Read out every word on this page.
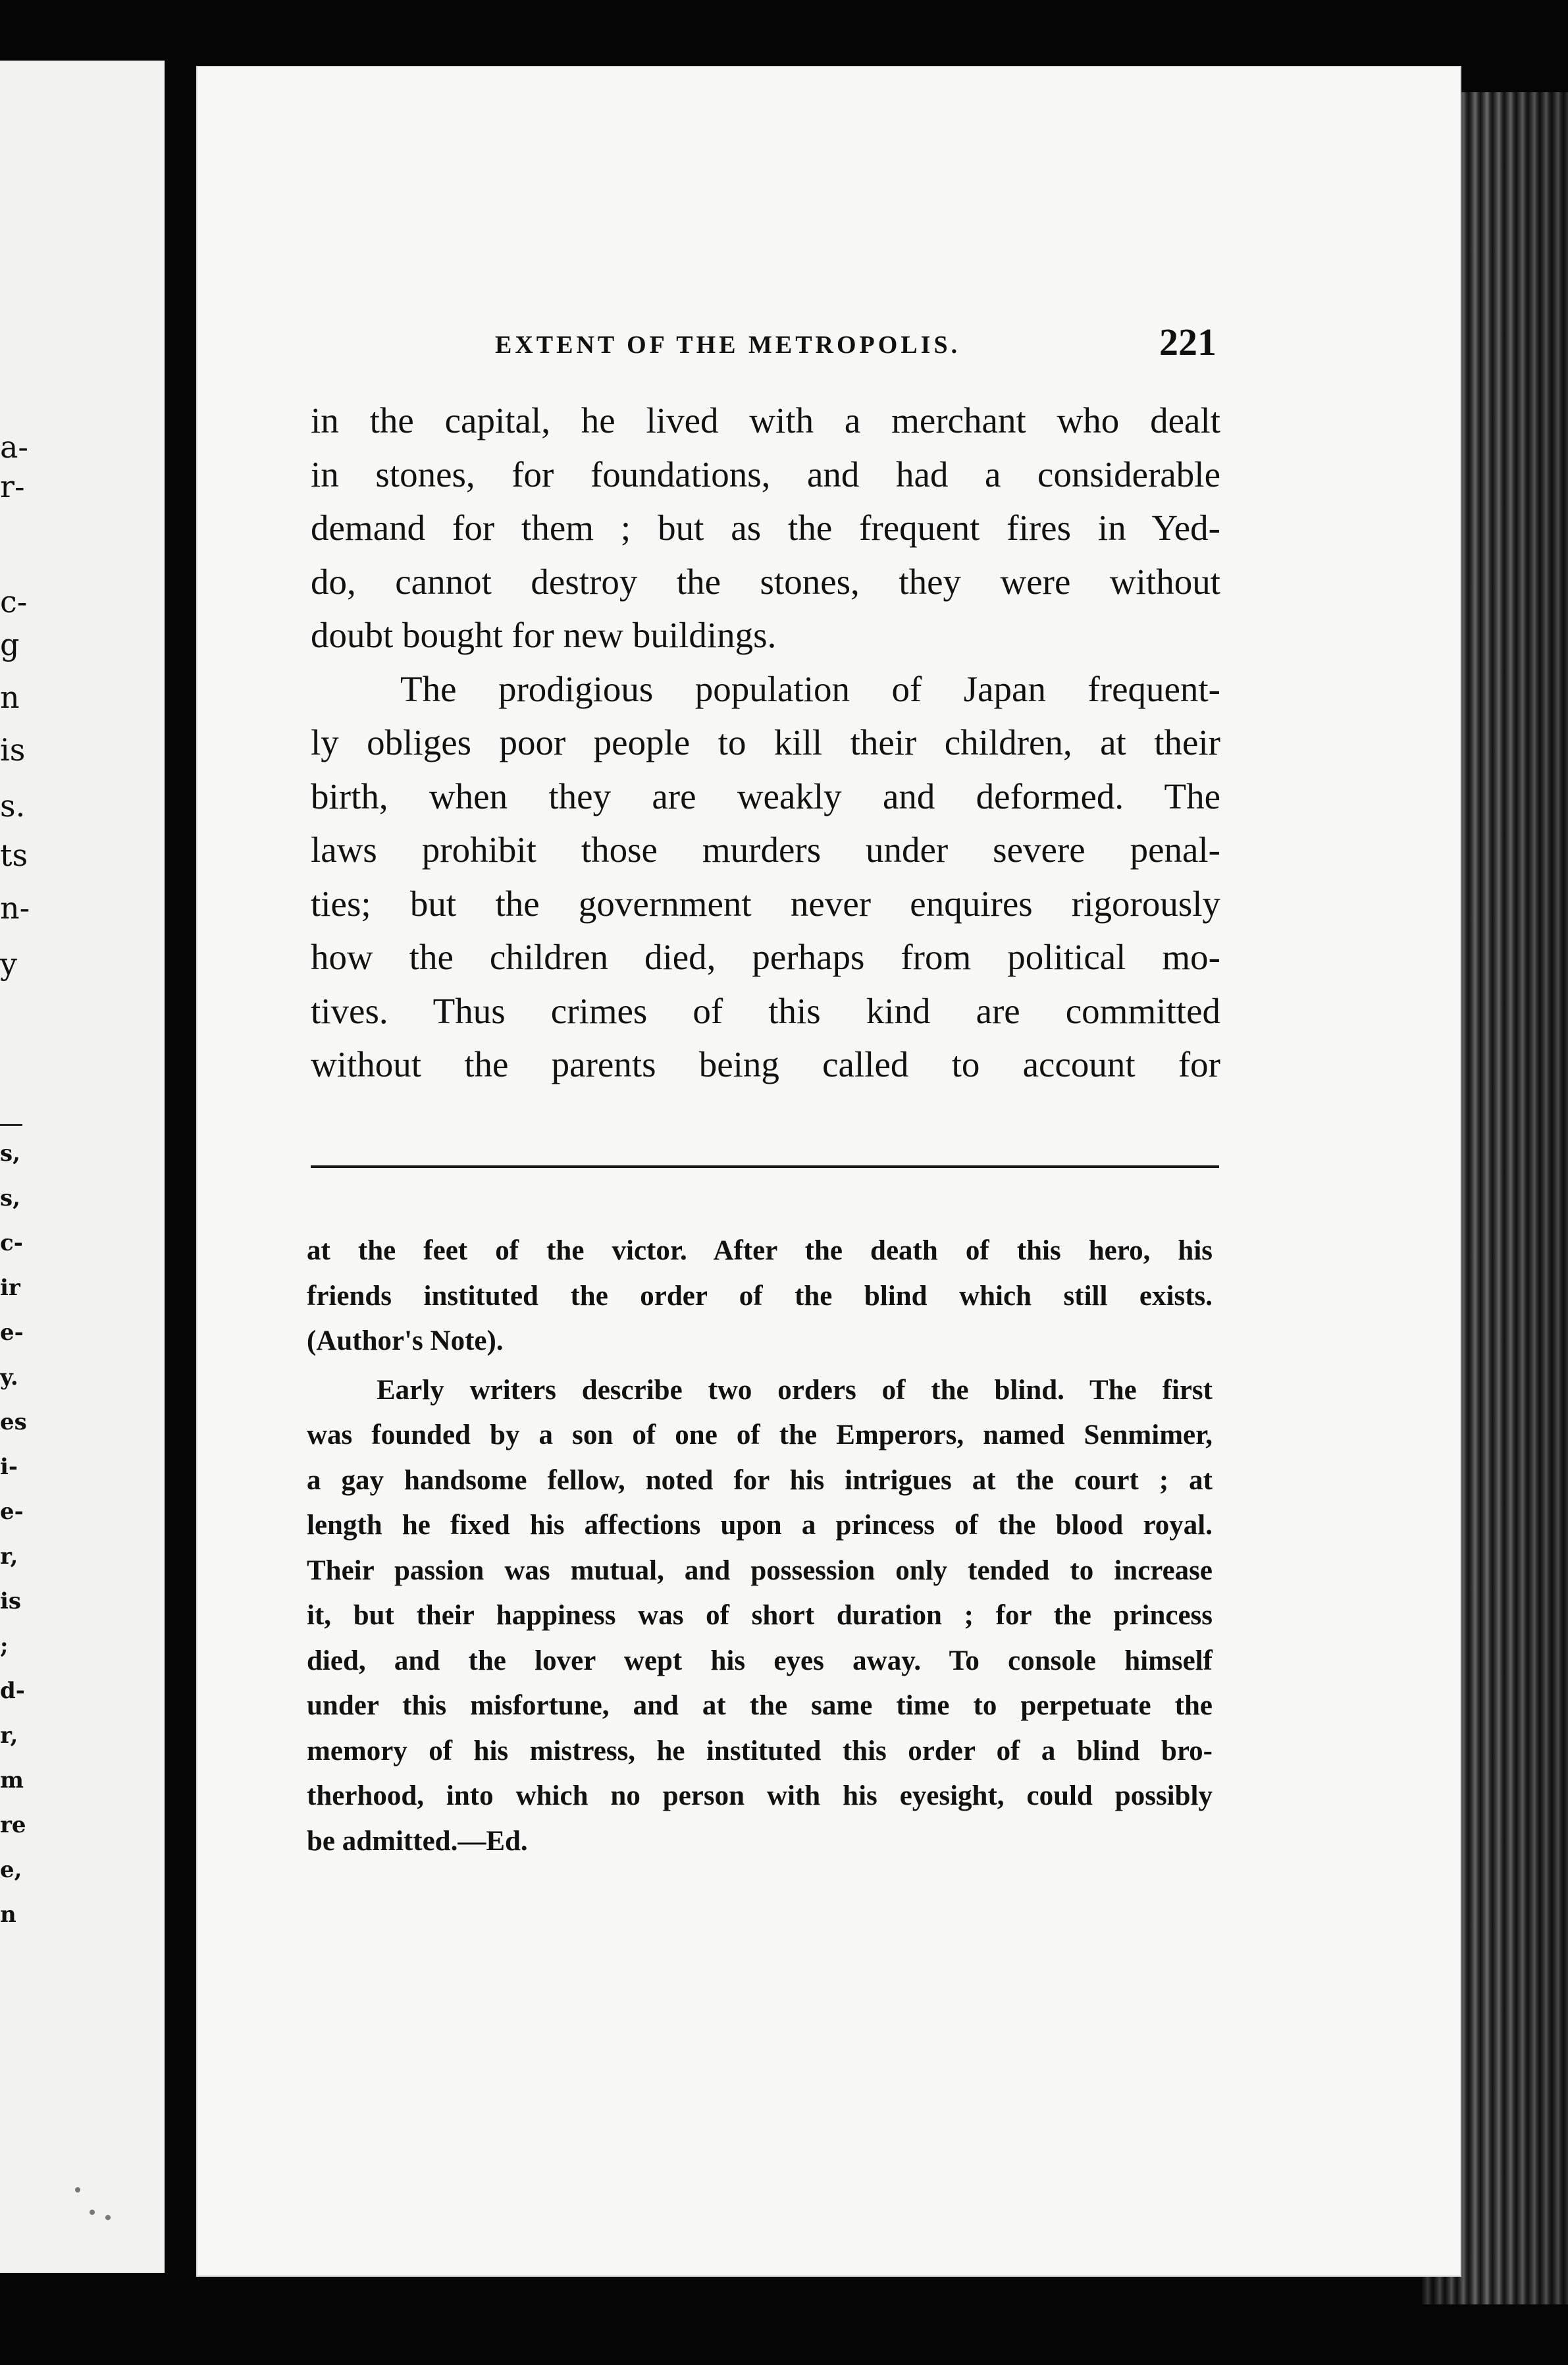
a-
r-
c-
g
n
is
s.
ts
n-
y
s,
s,
c-
ir
e-
y.
es
i-
e-
r,
is
;
d-
r,
m
re
e,
n
EXTENT OF THE METROPOLIS.	221

in the capital, he lived with a merchant who dealt
in stones, for foundations, and had a considerable
demand for them ; but as the frequent fires in Yed-
do, cannot destroy the stones, they were without
doubt bought for new buildings.

The prodigious population of Japan frequent-
ly obliges poor people to kill their children, at their
birth, when they are weakly and deformed. The
laws prohibit those murders under severe penal-
ties; but the government never enquires rigorously
how the children died, perhaps from political mo-
tives. Thus crimes of this kind are committed
without the parents being called to account for

at the feet of the victor. After the death of this hero, his
friends instituted the order of the blind which still exists.
(Author's Note).
Early writers describe two orders of the blind. The first
was founded by a son of one of the Emperors, named Senmimer,
a gay handsome fellow, noted for his intrigues at the court ; at
length he fixed his affections upon a princess of the blood royal.
Their passion was mutual, and possession only tended to increase
it, but their happiness was of short duration ; for the princess
died, and the lover wept his eyes away. To console himself
under this misfortune, and at the same time to perpetuate the
memory of his mistress, he instituted this order of a blind bro-
therhood, into which no person with his eyesight, could possibly
be admitted.—Ed.
